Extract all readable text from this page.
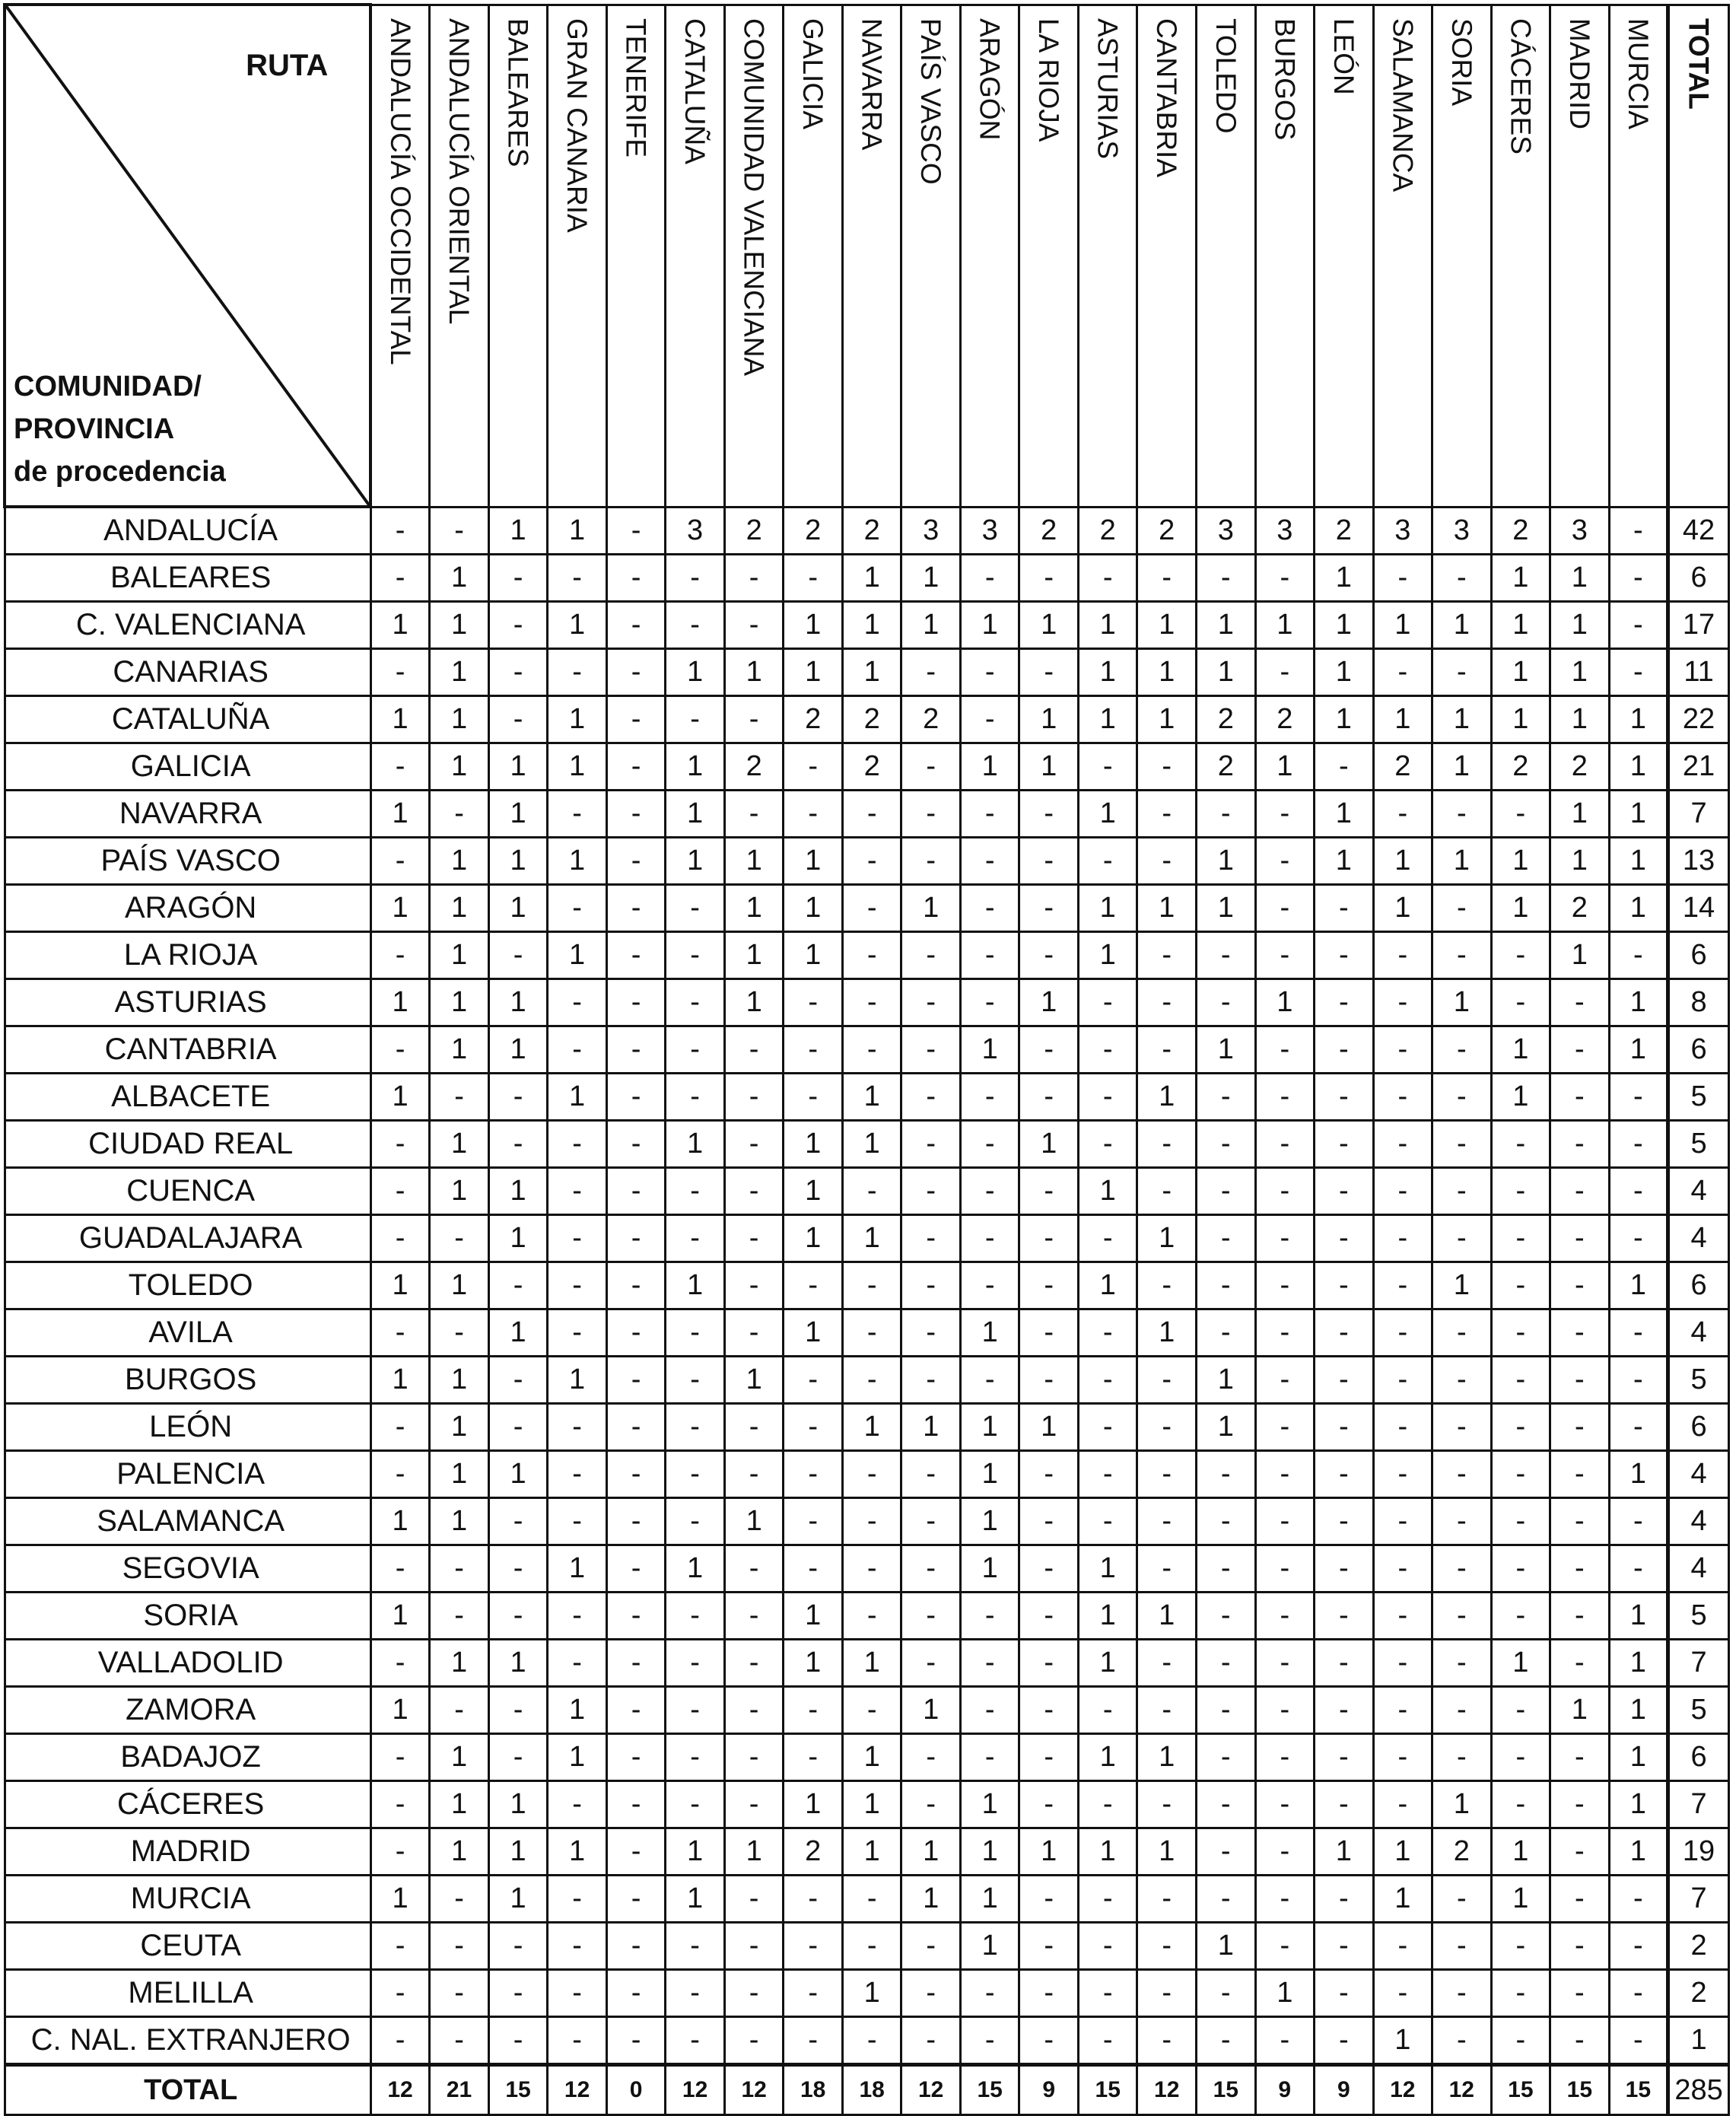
RUTA
COMUNIDAD/
PROVINCIA
de procedencia	ANDALUCÍA OCCIDENTAL	ANDALUCÍA ORIENTAL	BALEARES	GRAN CANARIA	TENERIFE	CATALUÑA	COMUNIDAD VALENCIANA	GALICIA	NAVARRA	PAÍS VASCO	ARAGÓN	LA RIOJA	ASTURIAS	CANTABRIA	TOLEDO	BURGOS	LEÓN	SALAMANCA	SORIA	CÁCERES	MADRID	MURCIA	TOTAL

ANDALUCÍA	-	-	1	1	-	3	2	2	2	3	3	2	2	2	3	3	2	3	3	2	3	-	42
BALEARES	-	1	-	-	-	-	-	-	1	1	-	-	-	-	-	-	1	-	-	1	1	-	6
C. VALENCIANA	1	1	-	1	-	-	-	1	1	1	1	1	1	1	1	1	1	1	1	1	1	-	17
CANARIAS	-	1	-	-	-	1	1	1	1	-	-	-	1	1	1	-	1	-	-	1	1	-	11
CATALUÑA	1	1	-	1	-	-	-	2	2	2	-	1	1	1	2	2	1	1	1	1	1	1	22
GALICIA	-	1	1	1	-	1	2	-	2	-	1	1	-	-	2	1	-	2	1	2	2	1	21
NAVARRA	1	-	1	-	-	1	-	-	-	-	-	-	1	-	-	-	1	-	-	-	1	1	7
PAÍS VASCO	-	1	1	1	-	1	1	1	-	-	-	-	-	-	1	-	1	1	1	1	1	1	13
ARAGÓN	1	1	1	-	-	-	1	1	-	1	-	-	1	1	1	-	-	1	-	1	2	1	14
LA RIOJA	-	1	-	1	-	-	1	1	-	-	-	-	1	-	-	-	-	-	-	-	1	-	6
ASTURIAS	1	1	1	-	-	-	1	-	-	-	-	1	-	-	-	1	-	-	1	-	-	1	8
CANTABRIA	-	1	1	-	-	-	-	-	-	-	1	-	-	-	1	-	-	-	-	1	-	1	6
ALBACETE	1	-	-	1	-	-	-	-	1	-	-	-	-	1	-	-	-	-	-	1	-	-	5
CIUDAD REAL	-	1	-	-	-	1	-	1	1	-	-	1	-	-	-	-	-	-	-	-	-	-	5
CUENCA	-	1	1	-	-	-	-	1	-	-	-	-	1	-	-	-	-	-	-	-	-	-	4
GUADALAJARA	-	-	1	-	-	-	-	1	1	-	-	-	-	1	-	-	-	-	-	-	-	-	4
TOLEDO	1	1	-	-	-	1	-	-	-	-	-	-	1	-	-	-	-	-	1	-	-	1	6
AVILA	-	-	1	-	-	-	-	1	-	-	1	-	-	1	-	-	-	-	-	-	-	-	4
BURGOS	1	1	-	1	-	-	1	-	-	-	-	-	-	-	1	-	-	-	-	-	-	-	5
LEÓN	-	1	-	-	-	-	-	-	1	1	1	1	-	-	1	-	-	-	-	-	-	-	6
PALENCIA	-	1	1	-	-	-	-	-	-	-	1	-	-	-	-	-	-	-	-	-	-	1	4
SALAMANCA	1	1	-	-	-	-	1	-	-	-	1	-	-	-	-	-	-	-	-	-	-	-	4
SEGOVIA	-	-	-	1	-	1	-	-	-	-	1	-	1	-	-	-	-	-	-	-	-	-	4
SORIA	1	-	-	-	-	-	-	1	-	-	-	-	1	1	-	-	-	-	-	-	-	1	5
VALLADOLID	-	1	1	-	-	-	-	1	1	-	-	-	1	-	-	-	-	-	-	1	-	1	7
ZAMORA	1	-	-	1	-	-	-	-	-	1	-	-	-	-	-	-	-	-	-	-	1	1	5
BADAJOZ	-	1	-	1	-	-	-	-	1	-	-	-	1	1	-	-	-	-	-	-	-	1	6
CÁCERES	-	1	1	-	-	-	-	1	1	-	1	-	-	-	-	-	-	-	1	-	-	1	7
MADRID	-	1	1	1	-	1	1	2	1	1	1	1	1	1	-	-	1	1	2	1	-	1	19
MURCIA	1	-	1	-	-	1	-	-	-	1	1	-	-	-	-	-	-	1	-	1	-	-	7
CEUTA	-	-	-	-	-	-	-	-	-	-	1	-	-	-	1	-	-	-	-	-	-	-	2
MELILLA	-	-	-	-	-	-	-	-	1	-	-	-	-	-	-	1	-	-	-	-	-	-	2
C. NAL. EXTRANJERO	-	-	-	-	-	-	-	-	-	-	-	-	-	-	-	-	-	1	-	-	-	-	1
TOTAL	12	21	15	12	0	12	12	18	18	12	15	9	15	12	15	9	9	12	12	15	15	15	285
